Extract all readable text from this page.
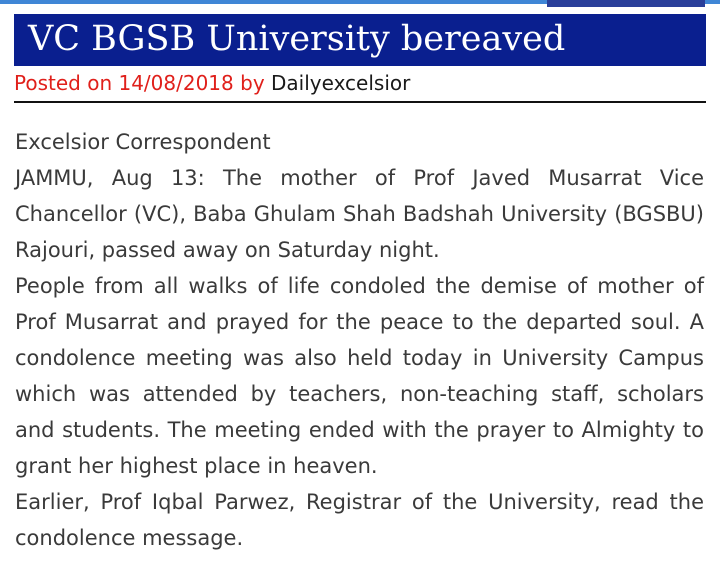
VC BGSB University bereaved
Posted on 14/08/2018 by Dailyexcelsior

Excelsior Correspondent

JAMMU, Aug 13: The mother of Prof Javed Musarrat Vice Chancellor (VC), Baba Ghulam Shah Badshah University (BGSBU) Rajouri, passed away on Saturday night.

People from all walks of life condoled the demise of mother of Prof Musarrat and prayed for the peace to the departed soul. A condolence meeting was also held today in University Campus which was attended by teachers, non-teaching staff, scholars and students. The meeting ended with the prayer to Almighty to grant her highest place in heaven.

Earlier, Prof Iqbal Parwez, Registrar of the University, read the condolence message.
